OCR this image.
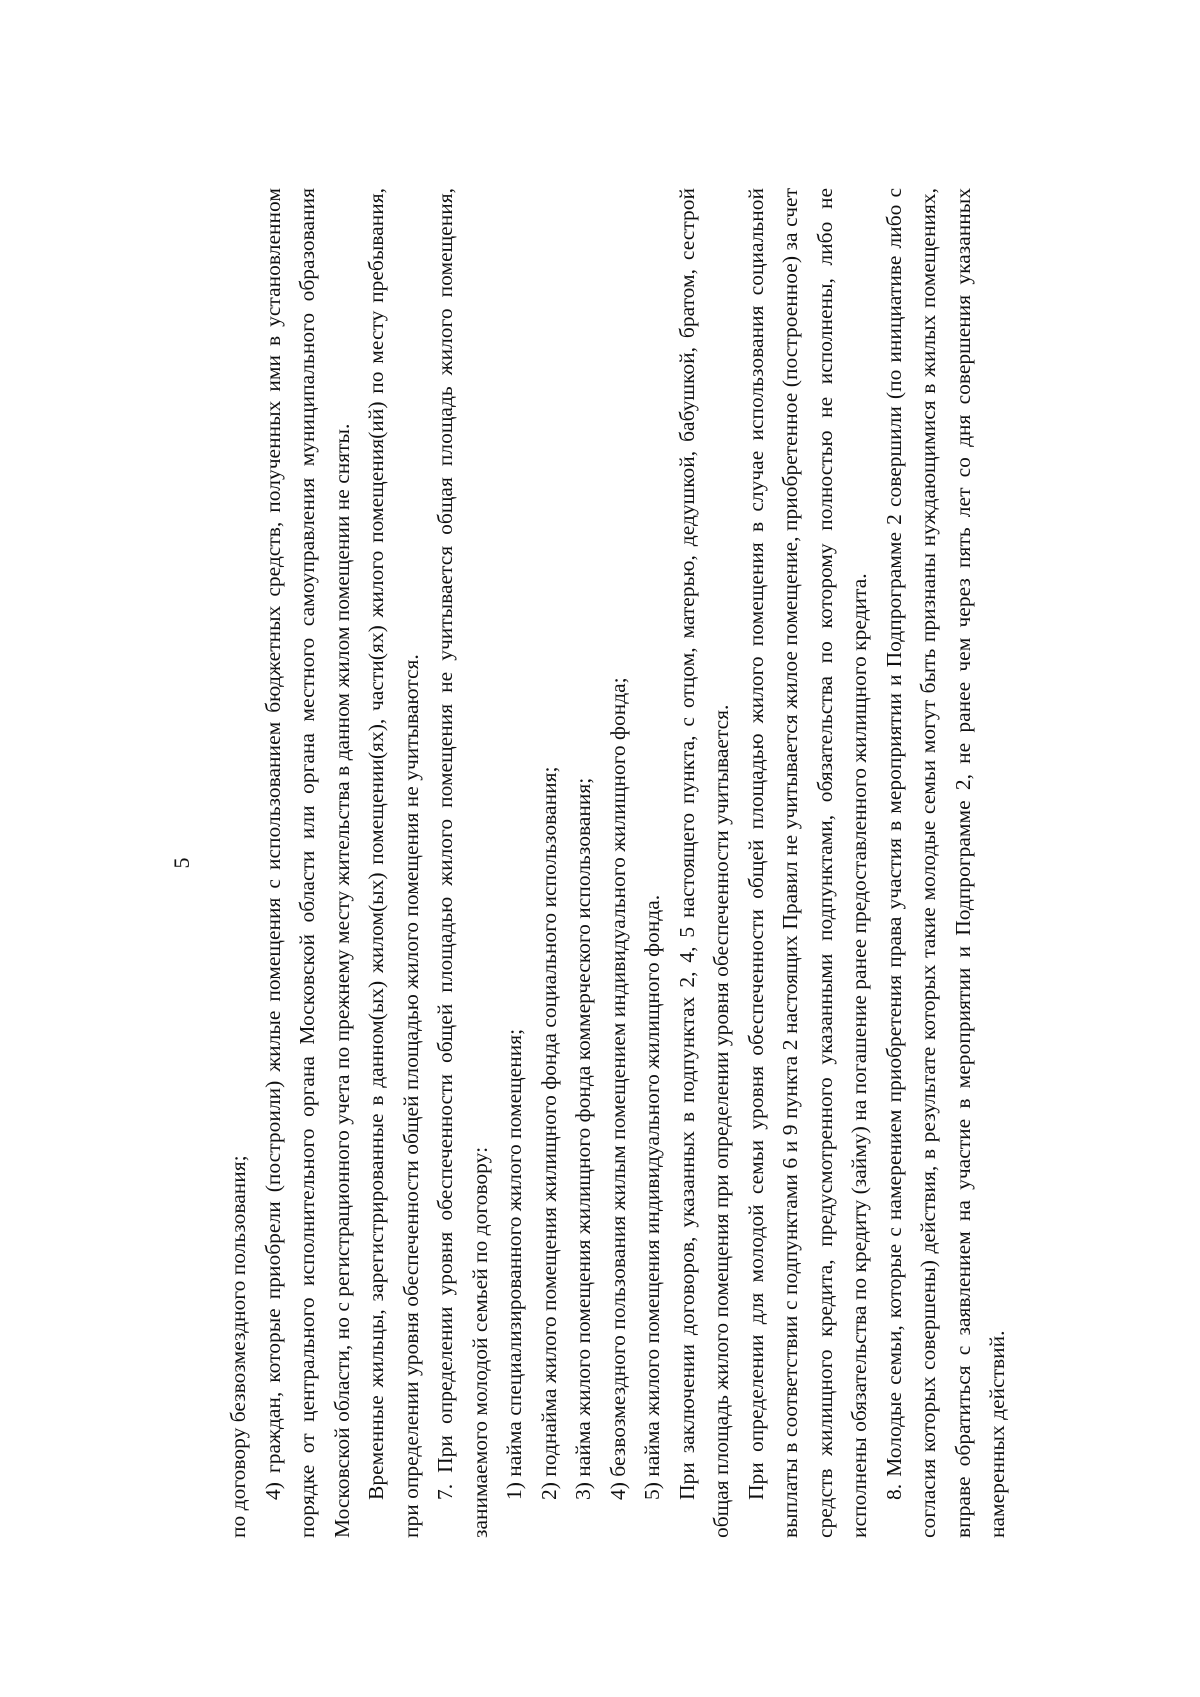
5

по договору безвозмездного пользования; 4) граждан, которые приобрели (построили) жилые помещения с использованием бюджетных средств, полученных ими в установленном порядке от центрального исполнительного органа Московской области или органа местного самоуправления муниципального образования Московской области, но с регистрационного учета по прежнему месту жительства в данном жилом помещении не сняты. Временные жильцы, зарегистрированные в данном(ых) жилом(ых) помещении(ях), части(ях) жилого помещения(ий) по месту пребывания, при определении уровня обеспеченности общей площадью жилого помещения не учитываются. 7. При определении уровня обеспеченности общей площадью жилого помещения не учитывается общая площадь жилого помещения, занимаемого молодой семьей по договору: 1) найма специализированного жилого помещения; 2) поднайма жилого помещения жилищного фонда социального использования; 3) найма жилого помещения жилищного фонда коммерческого использования; 4) безвозмездного пользования жилым помещением индивидуального жилищного фонда; 5) найма жилого помещения индивидуального жилищного фонда. При заключении договоров, указанных в подпунктах 2, 4, 5 настоящего пункта, с отцом, матерью, дедушкой, бабушкой, братом, сестрой общая площадь жилого помещения при определении уровня обеспеченности учитывается. При определении для молодой семьи уровня обеспеченности общей площадью жилого помещения в случае использования социальной выплаты в соответствии с подпунктами 6 и 9 пункта 2 настоящих Правил не учитывается жилое помещение, приобретенное (построенное) за счет средств жилищного кредита, предусмотренного указанными подпунктами, обязательства по которому полностью не исполнены, либо не исполнены обязательства по кредиту (займу) на погашение ранее предоставленного жилищного кредита. 8. Молодые семьи, которые с намерением приобретения права участия в мероприятии и Подпрограмме 2 совершили (по инициативе либо с согласия которых совершены) действия, в результате которых такие молодые семьи могут быть признаны нуждающимися в жилых помещениях, вправе обратиться с заявлением на участие в мероприятии и Подпрограмме 2, не ранее чем через пять лет со дня совершения указанных намеренных действий.
